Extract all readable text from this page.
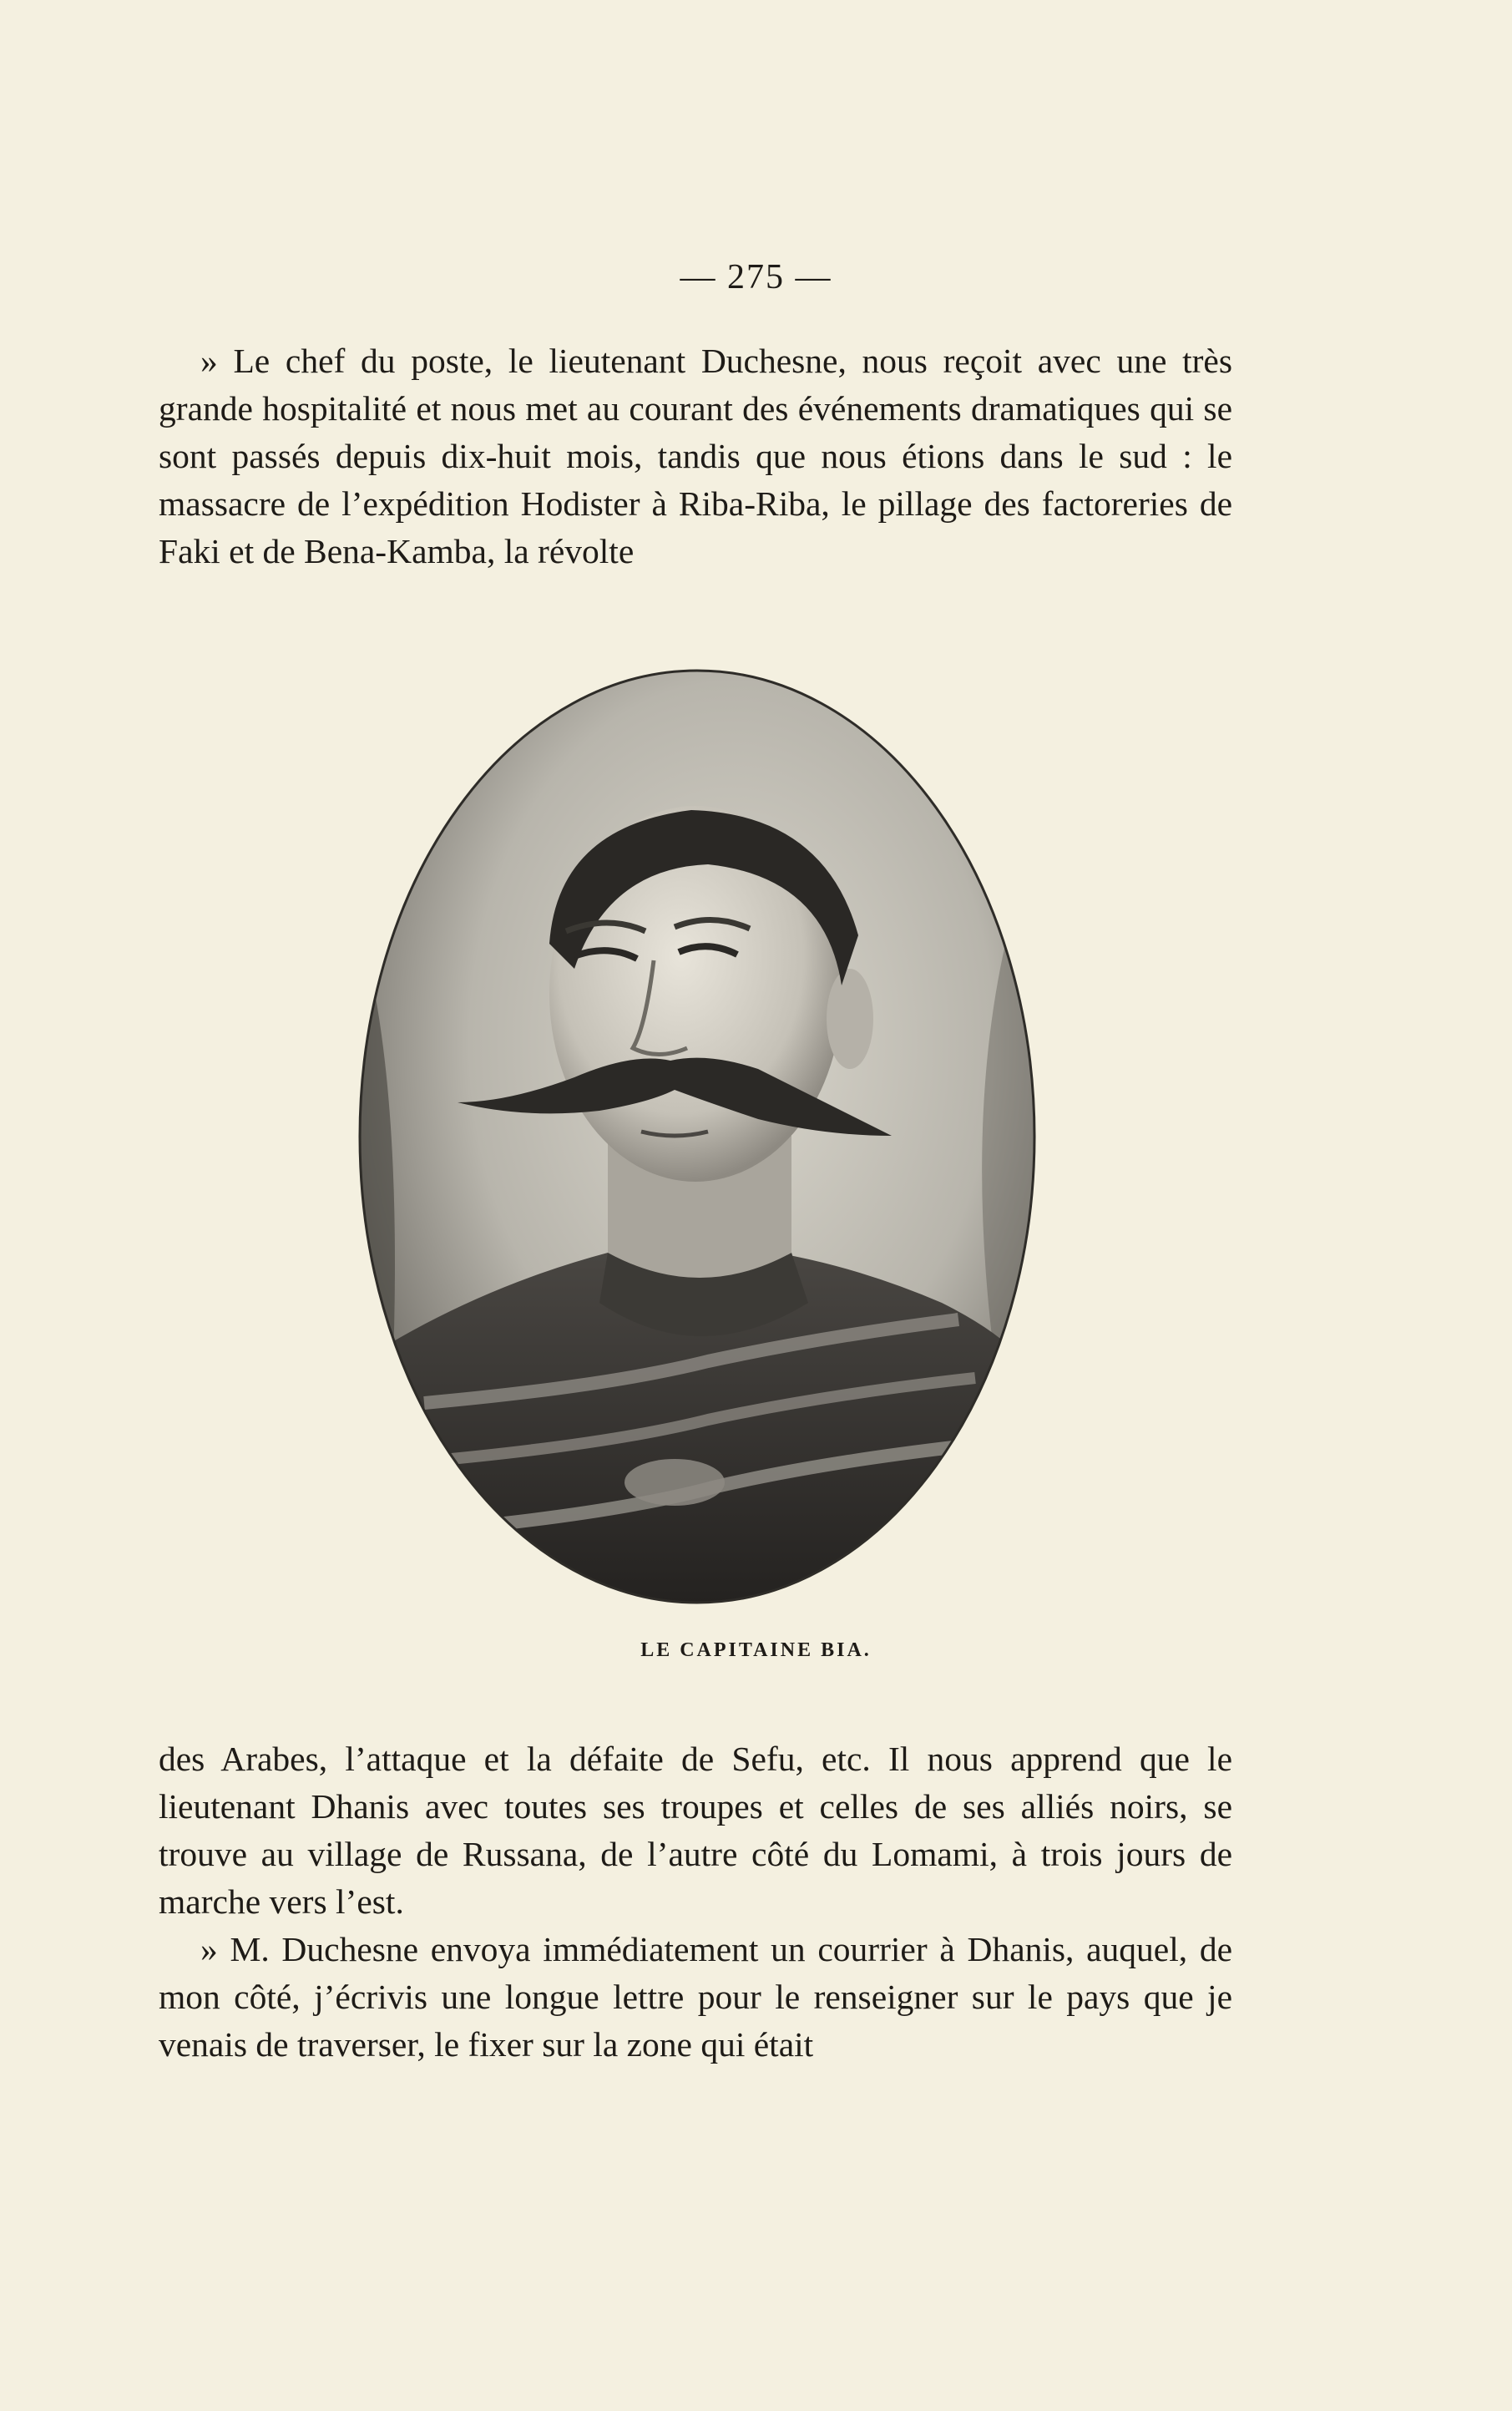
— 275 —

» Le chef du poste, le lieutenant Duchesne, nous reçoit avec une très grande hospitalité et nous met au courant des événements dramatiques qui se sont passés depuis dix-huit mois, tandis que nous étions dans le sud : le massacre de l’expédition Hodister à Riba-Riba, le pillage des factoreries de Faki et de Bena-Kamba, la révolte

LE CAPITAINE BIA.

des Arabes, l’attaque et la défaite de Sefu, etc. Il nous apprend que le lieutenant Dhanis avec toutes ses troupes et celles de ses alliés noirs, se trouve au village de Russana, de l’autre côté du Lomami, à trois jours de marche vers l’est.

» M. Duchesne envoya immédiatement un courrier à Dhanis, auquel, de mon côté, j’écrivis une longue lettre pour le renseigner sur le pays que je venais de traverser, le fixer sur la zone qui était
